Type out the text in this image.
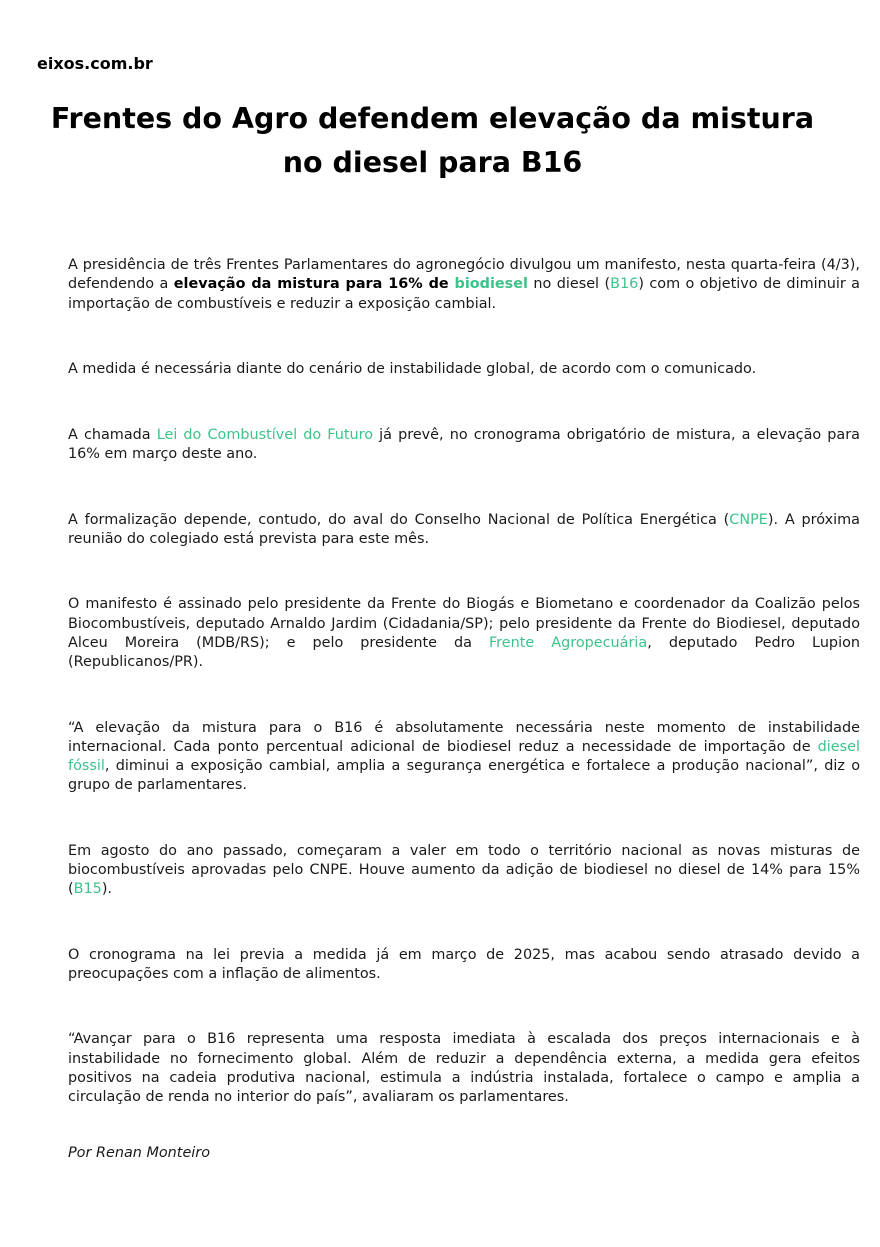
eixos.com.br
Frentes do Agro defendem elevação da mistura no diesel para B16

A presidência de três Frentes Parlamentares do agronegócio divulgou um manifesto, nesta quarta-feira (4/3), defendendo a elevação da mistura para 16% de biodiesel no diesel (B16) com o objetivo de diminuir a importação de combustíveis e reduzir a exposição cambial.

A medida é necessária diante do cenário de instabilidade global, de acordo com o comunicado.

A chamada Lei do Combustível do Futuro já prevê, no cronograma obrigatório de mistura, a elevação para 16% em março deste ano.

A formalização depende, contudo, do aval do Conselho Nacional de Política Energética (CNPE). A próxima reunião do colegiado está prevista para este mês.

O manifesto é assinado pelo presidente da Frente do Biogás e Biometano e coordenador da Coalizão pelos Biocombustíveis, deputado Arnaldo Jardim (Cidadania/SP); pelo presidente da Frente do Biodiesel, deputado Alceu Moreira (MDB/RS); e pelo presidente da Frente Agropecuária, deputado Pedro Lupion (Republicanos/PR).

“A elevação da mistura para o B16 é absolutamente necessária neste momento de instabilidade internacional. Cada ponto percentual adicional de biodiesel reduz a necessidade de importação de diesel fóssil, diminui a exposição cambial, amplia a segurança energética e fortalece a produção nacional”, diz o grupo de parlamentares.

Em agosto do ano passado, começaram a valer em todo o território nacional as novas misturas de biocombustíveis aprovadas pelo CNPE. Houve aumento da adição de biodiesel no diesel de 14% para 15% (B15).

O cronograma na lei previa a medida já em março de 2025, mas acabou sendo atrasado devido a preocupações com a inflação de alimentos.

“Avançar para o B16 representa uma resposta imediata à escalada dos preços internacionais e à instabilidade no fornecimento global. Além de reduzir a dependência externa, a medida gera efeitos positivos na cadeia produtiva nacional, estimula a indústria instalada, fortalece o campo e amplia a circulação de renda no interior do país”, avaliaram os parlamentares.

Por Renan Monteiro
